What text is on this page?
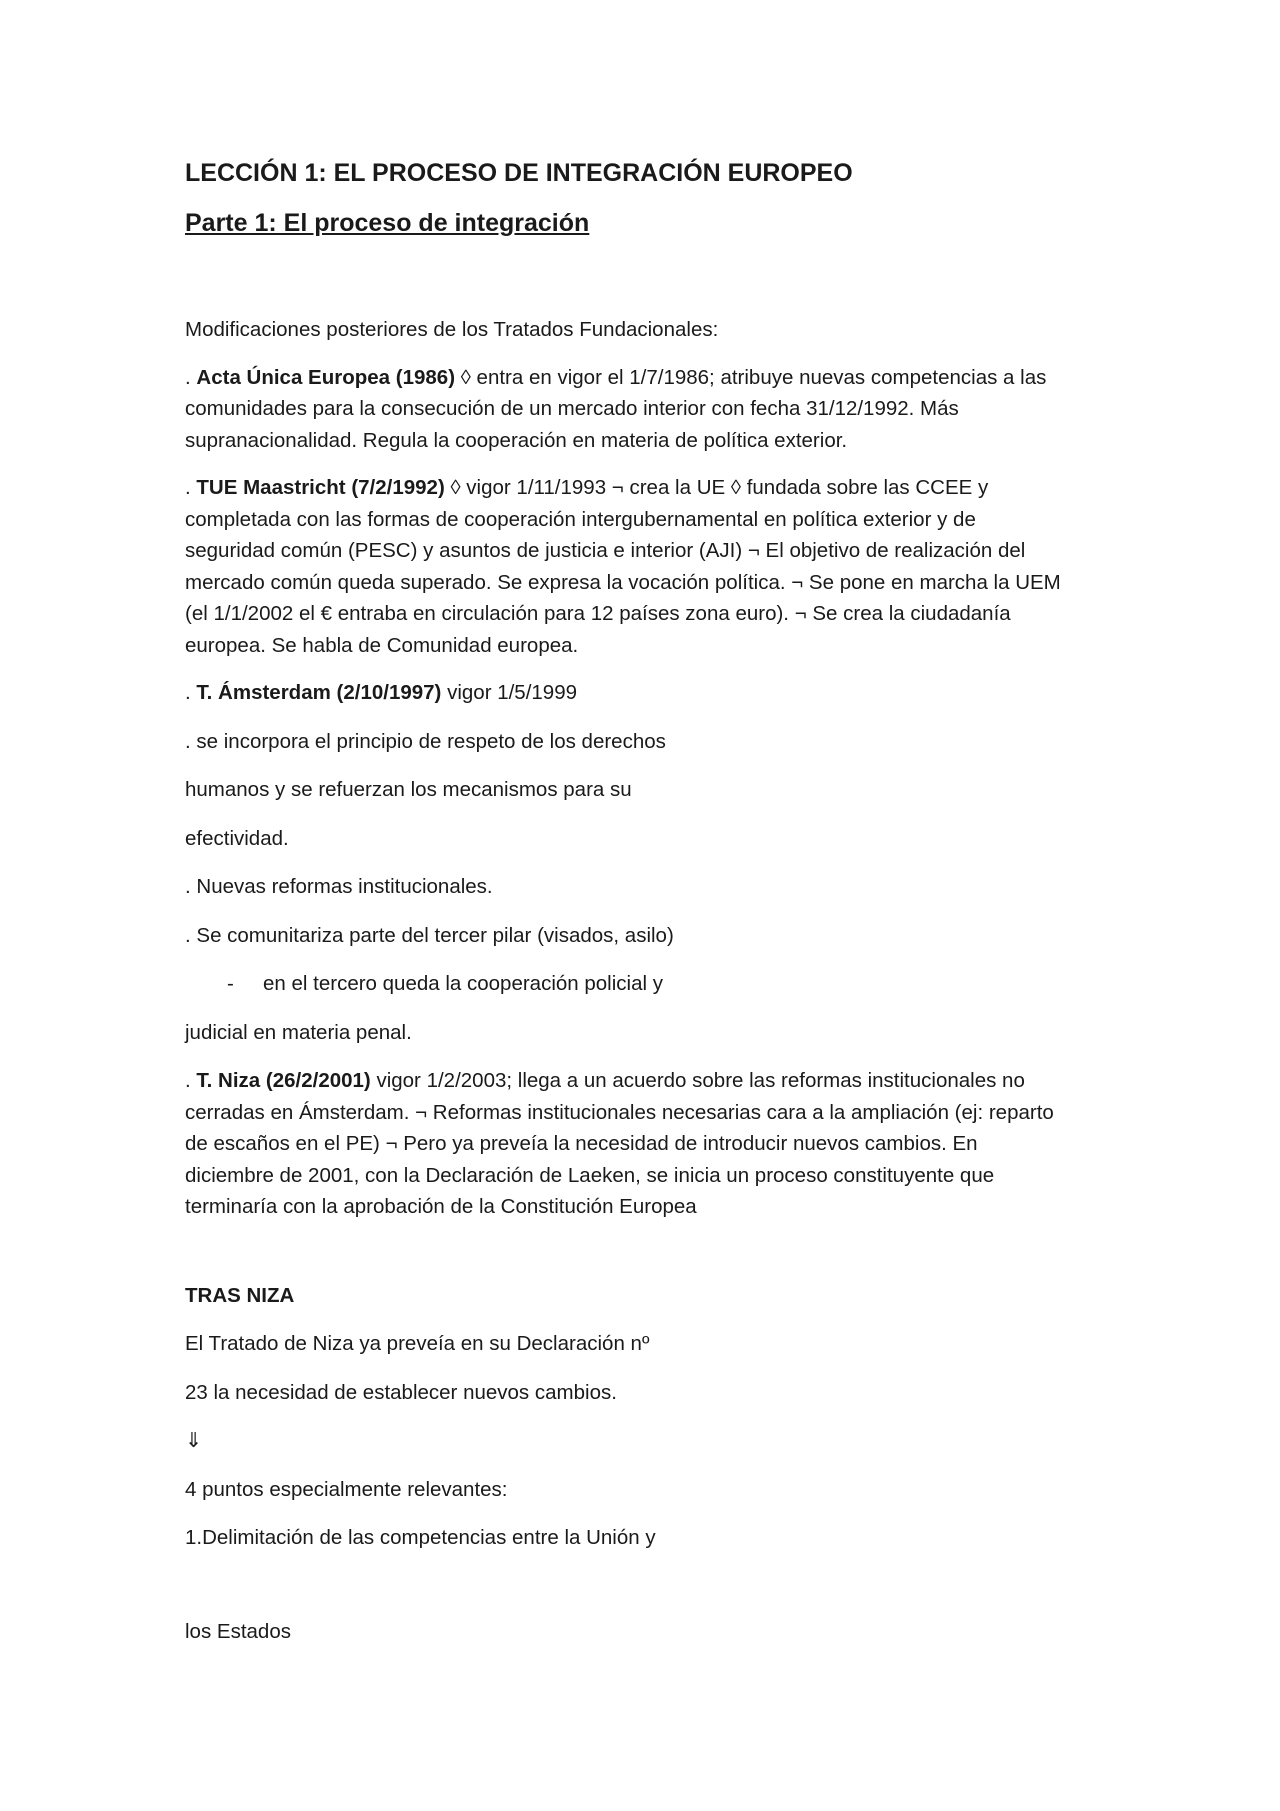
LECCIÓN 1: EL PROCESO DE INTEGRACIÓN EUROPEO
Parte 1: El proceso de integración

Modificaciones posteriores de los Tratados Fundacionales:

. Acta Única Europea (1986) ◊ entra en vigor el 1/7/1986; atribuye nuevas competencias a las

comunidades para la consecución de un mercado interior con fecha 31/12/1992. Más

supranacionalidad. Regula la cooperación en materia de política exterior.

. TUE Maastricht (7/2/1992) ◊ vigor 1/11/1993 ¬ crea la UE ◊ fundada sobre las CCEE y

completada con las formas de cooperación intergubernamental en política exterior y de

seguridad común (PESC) y asuntos de justicia e interior (AJI) ¬ El objetivo de realización del

mercado común queda superado. Se expresa la vocación política. ¬ Se pone en marcha la UEM

(el 1/1/2002 el € entraba en circulación para 12 países zona euro). ¬ Se crea la ciudadanía

europea. Se habla de Comunidad europea.

. T. Ámsterdam (2/10/1997) vigor 1/5/1999

. se incorpora el principio de respeto de los derechos

humanos y se refuerzan los mecanismos para su

efectividad.

. Nuevas reformas institucionales.

. Se comunitariza parte del tercer pilar (visados, asilo)

-	en el tercero queda la cooperación policial y

judicial en materia penal.

. T. Niza (26/2/2001) vigor 1/2/2003; llega a un acuerdo sobre las reformas institucionales no

cerradas en Ámsterdam. ¬ Reformas institucionales necesarias cara a la ampliación (ej: reparto

de escaños en el PE) ¬ Pero ya preveía la necesidad de introducir nuevos cambios. En

diciembre de 2001, con la Declaración de Laeken, se inicia un proceso constituyente que

terminaría con la aprobación de la Constitución Europea

TRAS NIZA

El Tratado de Niza ya preveía en su Declaración nº

23 la necesidad de establecer nuevos cambios.

⇓

4 puntos especialmente relevantes:

1.Delimitación de las competencias entre la Unión y

los Estados
